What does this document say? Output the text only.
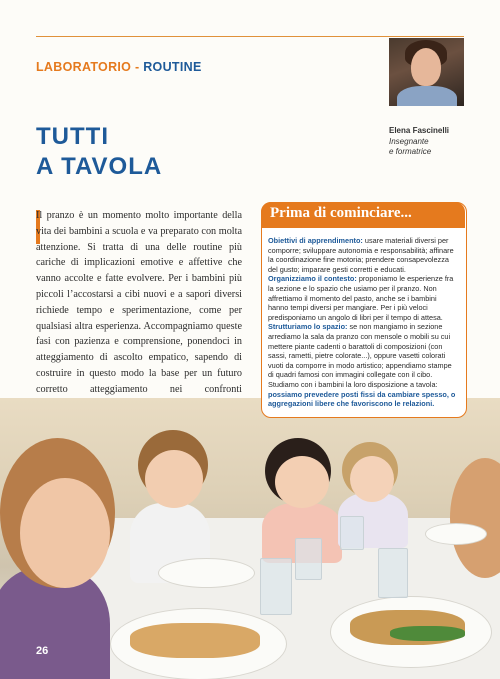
LABORATORIO - ROUTINE
TUTTI
A TAVOLA
Elena Fascinelli
Insegnante
e formatrice

Il pranzo è un momento molto importante della vita dei bambini a scuola e va preparato con molta attenzione. Si tratta di una delle routine più cariche di implicazioni emotive e affettive che vanno accolte e fatte evolvere. Per i bambini più piccoli l’accostarsi a cibi nuovi e a sapori diversi richiede tempo e sperimentazione, come per qualsiasi altra esperienza. Accompagniamo queste fasi con pazienza e comprensione, ponendoci in atteggiamento di ascolto empatico, sapendo di costruire in questo modo la base per un futuro corretto atteggiamento nei confronti

Prima di cominciare...

Obiettivi di apprendimento: usare materiali diversi per comporre; sviluppare autonomia e responsabilità; affinare la coordinazione fine motoria; prendere consapevolezza del gusto; imparare gesti corretti e educati.
Organizziamo il contesto: proponiamo le esperienze fra la sezione e lo spazio che usiamo per il pranzo. Non affrettiamo il momento del pasto, anche se i bambini hanno tempi diversi per mangiare. Per i più veloci predisponiamo un angolo di libri per il tempo di attesa.
Strutturiamo lo spazio: se non mangiamo in sezione arrediamo la sala da pranzo con mensole o mobili su cui mettere piante cadenti o barattoli di composizioni (con sassi, rametti, pietre colorate...), oppure vasetti colorati vuoti da comporre in modo artistico; appendiamo stampe di quadri famosi con immagini collegate con il cibo.
Studiamo con i bambini la loro disposizione a tavola: possiamo prevedere posti fissi da cambiare spesso, o aggregazioni libere che favoriscono le relazioni.

26
